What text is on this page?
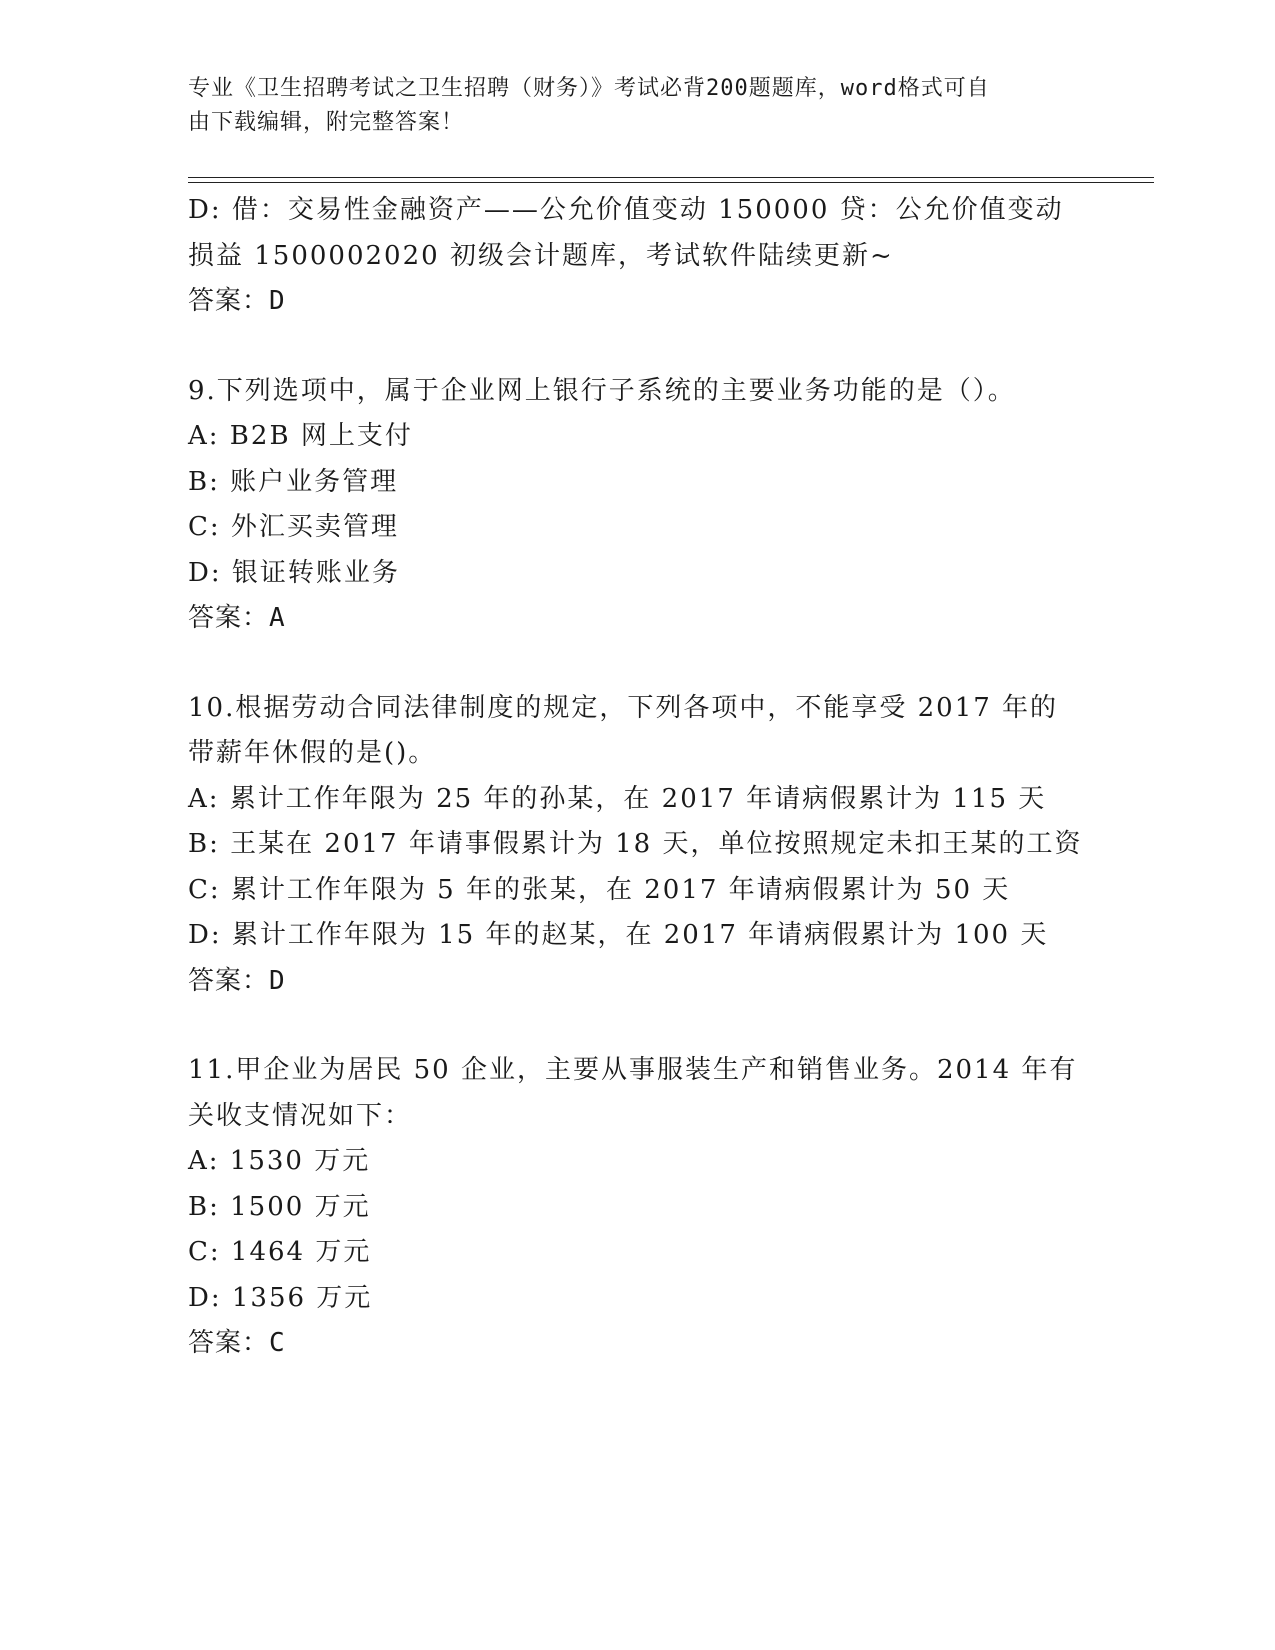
专业《卫生招聘考试之卫生招聘（财务）》考试必背200题题库，word格式可自
由下载编辑，附完整答案！
D: 借：交易性金融资产——公允价值变动 150000 贷：公允价值变动
损益 1500002020 初级会计题库，考试软件陆续更新~
答案：D
9.下列选项中，属于企业网上银行子系统的主要业务功能的是（）。
A: B2B 网上支付
B: 账户业务管理
C: 外汇买卖管理
D: 银证转账业务
答案：A
10.根据劳动合同法律制度的规定，下列各项中，不能享受 2017 年的
带薪年休假的是()。
A: 累计工作年限为 25 年的孙某，在 2017 年请病假累计为 115 天
B: 王某在 2017 年请事假累计为 18 天，单位按照规定未扣王某的工资
C: 累计工作年限为 5 年的张某，在 2017 年请病假累计为 50 天
D: 累计工作年限为 15 年的赵某，在 2017 年请病假累计为 100 天
答案：D
11.甲企业为居民 50 企业，主要从事服装生产和销售业务。2014 年有
关收支情况如下：
A: 1530 万元
B: 1500 万元
C: 1464 万元
D: 1356 万元
答案：C
